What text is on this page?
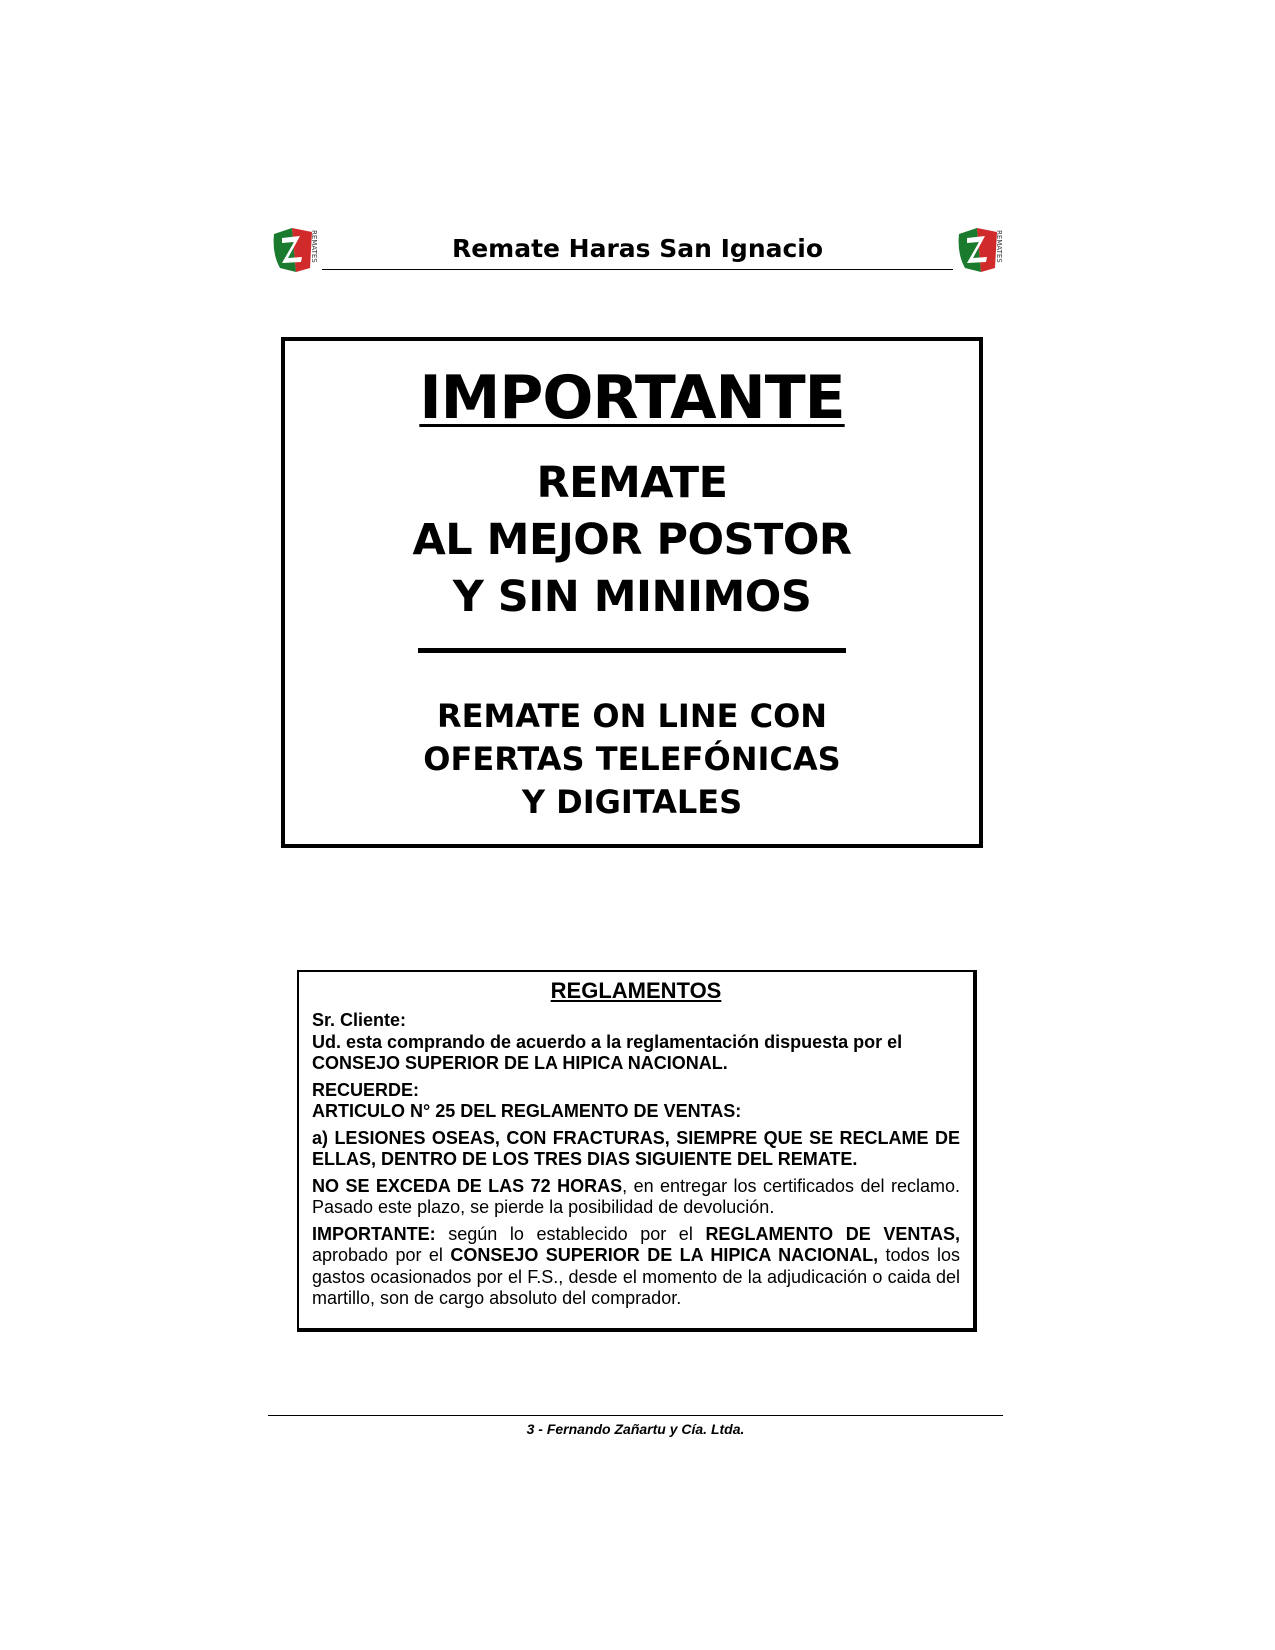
REMATES	Remate Haras San Ignacio	REMATES
IMPORTANTE
REMATE
AL MEJOR POSTOR
Y SIN MINIMOS
REMATE ON LINE CON
OFERTAS TELEFÓNICAS
Y DIGITALES
REGLAMENTOS

Sr. Cliente:

Ud. esta comprando de acuerdo a la reglamentación dispuesta por el
CONSEJO SUPERIOR DE LA HIPICA NACIONAL.

RECUERDE:

ARTICULO N° 25 DEL REGLAMENTO DE VENTAS:

a) LESIONES OSEAS, CON FRACTURAS, SIEMPRE QUE SE RECLAME DE ELLAS, DENTRO DE LOS TRES DIAS SIGUIENTE DEL REMATE.

NO SE EXCEDA DE LAS 72 HORAS, en entregar los certificados del reclamo. Pasado este plazo, se pierde la posibilidad de devolución.

IMPORTANTE: según lo establecido por el REGLAMENTO DE VENTAS, aprobado por el CONSEJO SUPERIOR DE LA HIPICA NACIONAL, todos los gastos ocasionados por el F.S., desde el momento de la adjudicación o caida del martillo, son de cargo absoluto del comprador.

3 - Fernando Zañartu y Cía. Ltda.
